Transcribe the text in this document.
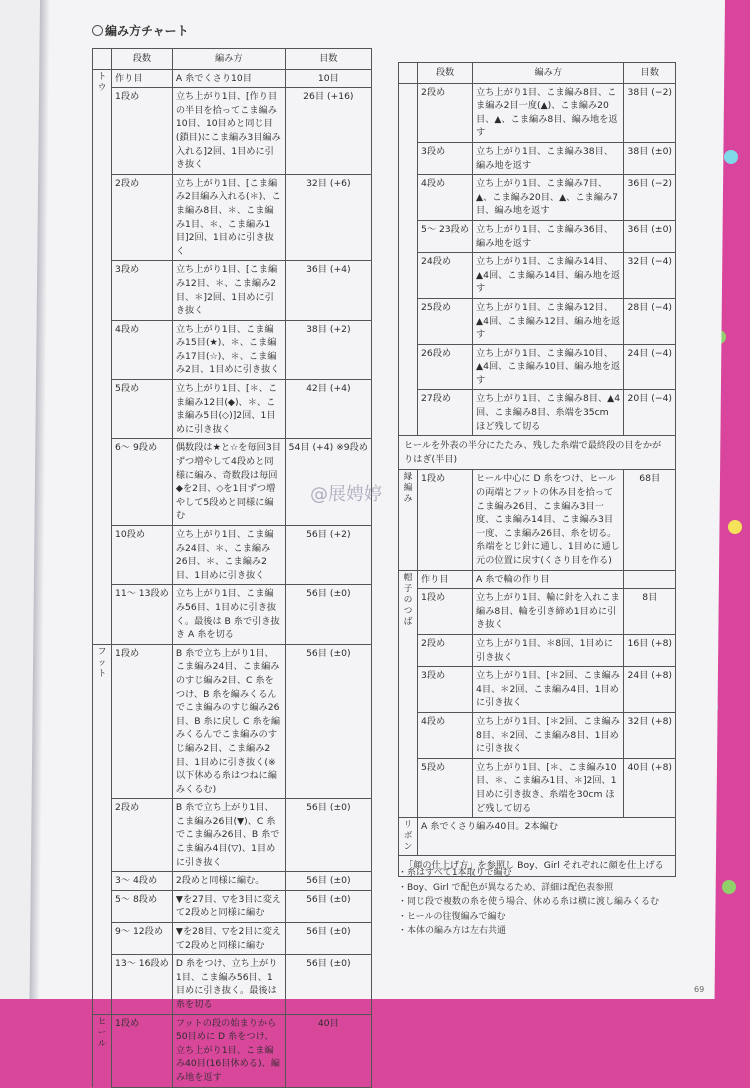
編み方チャート
	段数	編み方	目数
トウ	作り目	A 糸でくさり10目	10目
	1段め	立ち上がり1目、[作り目の半目を拾ってこま編み10目、10目めと同じ目(鎖目)にこま編み3目編み入れる]2回、1目めに引き抜く	26目 (+16)
	2段め	立ち上がり1目、[こま編み2目編み入れる(＊)、こま編み8目、＊、こま編み1目、＊、こま編み1目]2回、1目めに引き抜く	32目 (+6)
	3段め	立ち上がり1目、[こま編み12目、＊、こま編み2目、＊]2回、1目めに引き抜く	36目 (+4)
	4段め	立ち上がり1目、こま編み15目(★)、＊、こま編み17目(☆)、＊、こま編み2目、1目めに引き抜く	38目 (+2)
	5段め	立ち上がり1目、[＊、こま編み12目(◆)、＊、こま編み5目(◇)]2回、1目めに引き抜く	42目 (+4)
	6～ 9段め	偶数段は★と☆を毎回3目ずつ増やして4段めと同様に編み、奇数段は毎回◆を2目、◇を1目ずつ増やして5段めと同様に編む	54目 (+4) ※9段め
	10段め	立ち上がり1目、こま編み24目、＊、こま編み26目、＊、こま編み2目、1目めに引き抜く	56目 (+2)
	11～ 13段め	立ち上がり1目、こま編み56目、1目めに引き抜く。最後は B 糸で引き抜き A 糸を切る	56目 (±0)
フット	1段め	B 糸で立ち上がり1目、こま編み24目、こま編みのすじ編み2目、C 糸をつけ、B 糸を編みくるんでこま編みのすじ編み26目、B 糸に戻し C 糸を編みくるんでこま編みのすじ編み2目、こま編み2目、1目めに引き抜く(※以下休める糸はつねに編みくるむ)	56目 (±0)
	2段め	B 糸で立ち上がり1目、こま編み26目(▼)、C 糸でこま編み26目、B 糸でこま編み4目(▽)、1目めに引き抜く	56目 (±0)
	3～ 4段め	2段めと同様に編む。	56目 (±0)
	5～ 8段め	▼を27目、▽を3目に変えて2段めと同様に編む	56目 (±0)
	9～ 12段め	▼を28目、▽を2目に変えて2段めと同様に編む	56目 (±0)
	13～ 16段め	D 糸をつけ、立ち上がり1目、こま編み56目、1目めに引き抜く。最後は糸を切る	56目 (±0)
ヒール	1段め	フットの段の始まりから50目めに D 糸をつけ、立ち上がり1目、こま編み40目(16目休める)、編み地を返す	40目
	段数	編み方	目数
	2段め	立ち上がり1目、こま編み8目、こま編み2目一度(▲)、こま編み20目、▲、こま編み8目、編み地を返す	38目 (−2)
	3段め	立ち上がり1目、こま編み38目、編み地を返す	38目 (±0)
	4段め	立ち上がり1目、こま編み7目、▲、こま編み20目、▲、こま編み7目、編み地を返す	36目 (−2)
	5～ 23段め	立ち上がり1目、こま編み36目、編み地を返す	36目 (±0)
	24段め	立ち上がり1目、こま編み14目、▲4回、こま編み14目、編み地を返す	32目 (−4)
	25段め	立ち上がり1目、こま編み12目、▲4回、こま編み12目、編み地を返す	28目 (−4)
	26段め	立ち上がり1目、こま編み10目、▲4回、こま編み10目、編み地を返す	24目 (−4)
	27段め	立ち上がり1目、こま編み8目、▲4回、こま編み8目、糸端を35cm ほど残して切る	20目 (−4)
ヒールを外表の半分にたたみ、残した糸端で最終段の目をかがりはぎ(半目)			
縁編み	1段め	ヒール中心に D 糸をつけ、ヒールの両端とフットの休み目を拾ってこま編み26目、こま編み3目一度、こま編み14目、こま編み3目一度、こま編み26目、糸を切る。糸端をとじ針に通し、1目めに通し元の位置に戻す(くさり目を作る)	68目
帽子のつば	作り目	A 糸で輪の作り目	
	1段め	立ち上がり1目、輪に針を入れこま編み8目、輪を引き締め1目めに引き抜く	8目
	2段め	立ち上がり1目、＊8回、1目めに引き抜く	16目 (+8)
	3段め	立ち上がり1目、[＊2回、こま編み4目、＊2回、こま編み4目、1目めに引き抜く	24目 (+8)
	4段め	立ち上がり1目、[＊2回、こま編み8目、＊2回、こま編み8目、1目めに引き抜く	32目 (+8)
	5段め	立ち上がり1目、[＊、こま編み10目、＊、こま編み1目、＊]2回、1目めに引き抜き、糸端を30cm ほど残して切る	40目 (+8)
リボン	A 糸でくさり編み40目。2本編む		
「顔の仕上げ方」を参照し Boy、Girl それぞれに顔を仕上げる			
・糸はすべて1本取りで編む
・Boy、Girl で配色が異なるため、詳細は配色表参照
・同じ段で複数の糸を使う場合、休める糸は横に渡し編みくるむ
・ヒールの往復編みで編む
・本体の編み方は左右共通
@展娉婷
69
